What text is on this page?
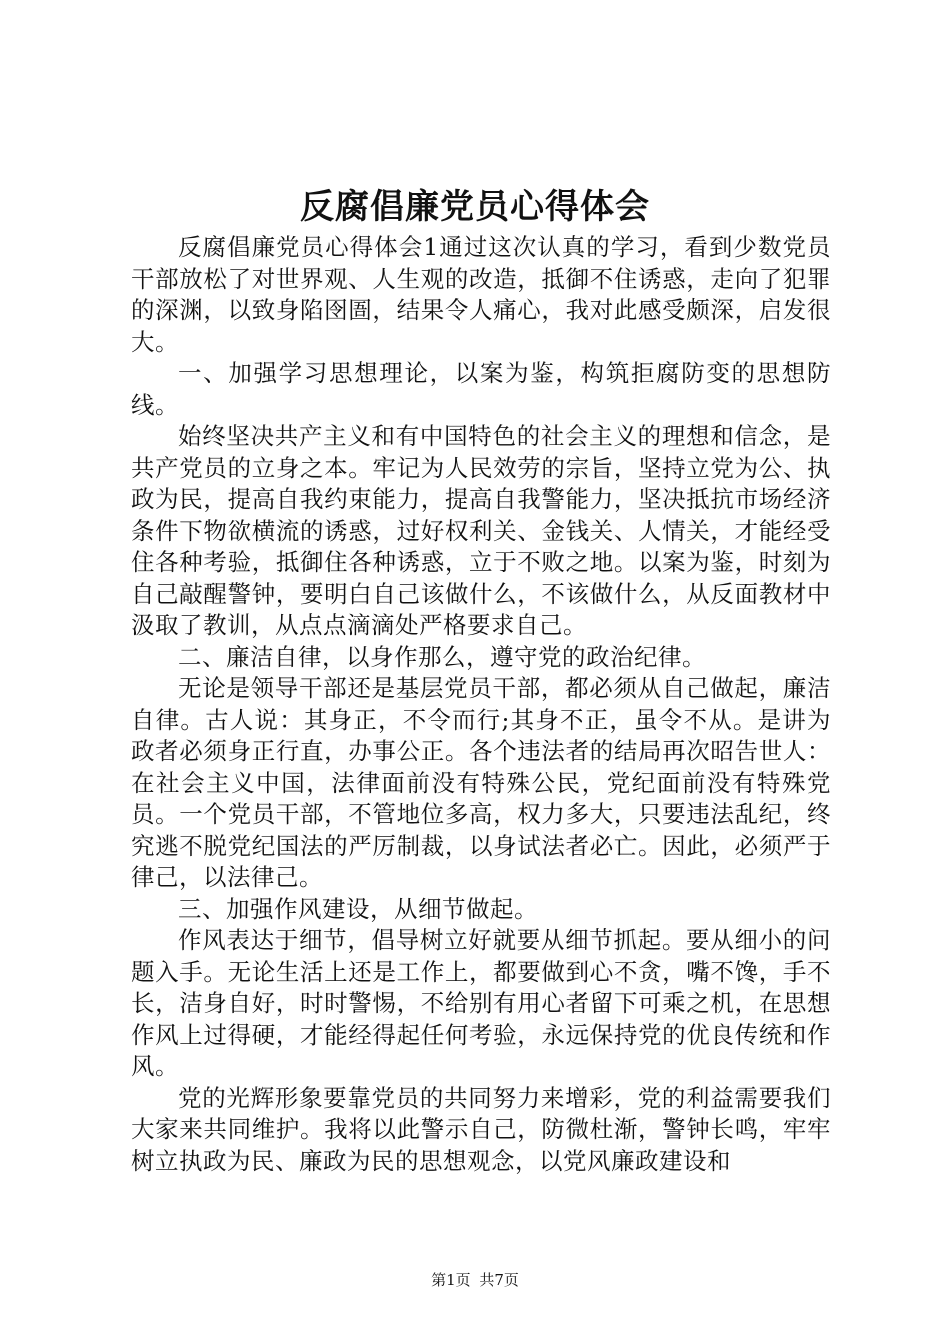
反腐倡廉党员心得体会

反腐倡廉党员心得体会1通过这次认真的学习，看到少数党员干部放松了对世界观、人生观的改造，抵御不住诱惑，走向了犯罪的深渊，以致身陷囹圄，结果令人痛心，我对此感受颇深，启发很大。

一、加强学习思想理论，以案为鉴，构筑拒腐防变的思想防线。

始终坚决共产主义和有中国特色的社会主义的理想和信念，是共产党员的立身之本。牢记为人民效劳的宗旨，坚持立党为公、执政为民，提高自我约束能力，提高自我警能力，坚决抵抗市场经济条件下物欲横流的诱惑，过好权利关、金钱关、人情关，才能经受住各种考验，抵御住各种诱惑，立于不败之地。以案为鉴，时刻为自己敲醒警钟，要明白自己该做什么，不该做什么，从反面教材中汲取了教训，从点点滴滴处严格要求自己。

二、廉洁自律，以身作那么，遵守党的政治纪律。

无论是领导干部还是基层党员干部，都必须从自己做起，廉洁自律。古人说：其身正，不令而行;其身不正，虽令不从。是讲为政者必须身正行直，办事公正。各个违法者的结局再次昭告世人：在社会主义中国，法律面前没有特殊公民，党纪面前没有特殊党员。一个党员干部，不管地位多高，权力多大，只要违法乱纪，终究逃不脱党纪国法的严厉制裁，以身试法者必亡。因此，必须严于律己，以法律己。

三、加强作风建设，从细节做起。

作风表达于细节，倡导树立好就要从细节抓起。要从细小的问题入手。无论生活上还是工作上，都要做到心不贪，嘴不馋，手不长，洁身自好，时时警惕，不给别有用心者留下可乘之机，在思想作风上过得硬，才能经得起任何考验，永远保持党的优良传统和作风。

党的光辉形象要靠党员的共同努力来增彩，党的利益需要我们大家来共同维护。我将以此警示自己，防微杜渐，警钟长鸣，牢牢树立执政为民、廉政为民的思想观念，以党风廉政建设和

第1页 共7页
